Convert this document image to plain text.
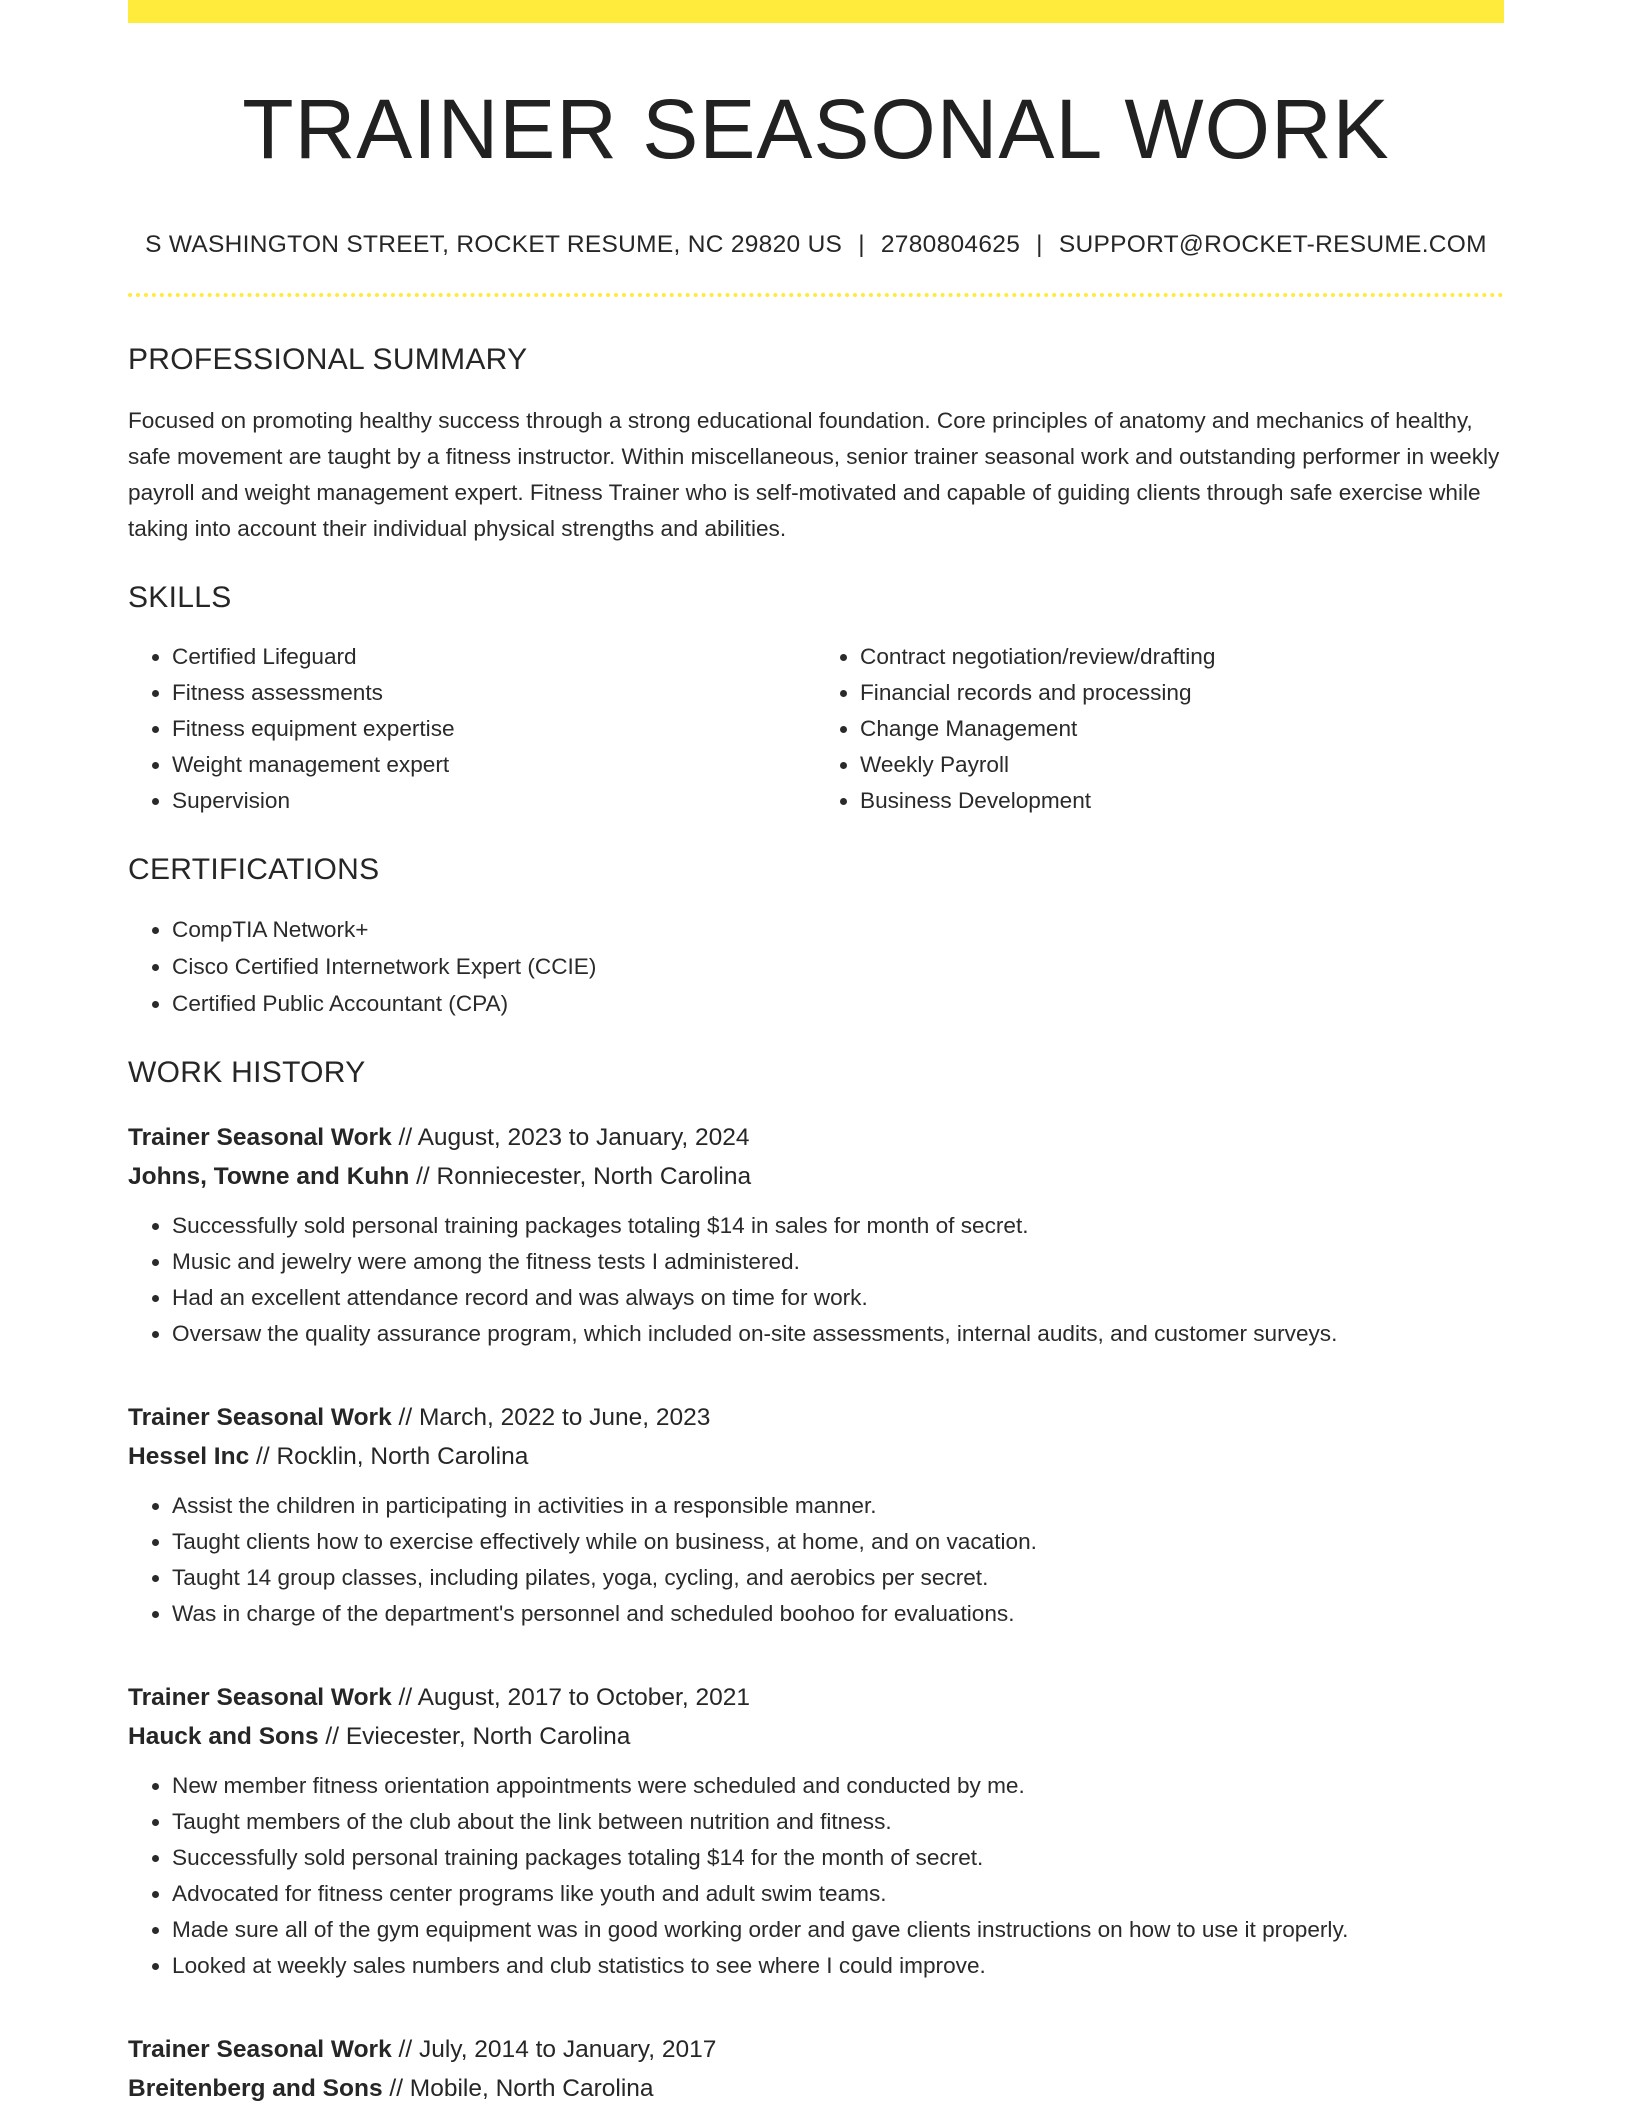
TRAINER SEASONAL WORK
S WASHINGTON STREET, ROCKET RESUME, NC 29820 US | 2780804625 | SUPPORT@ROCKET-RESUME.COM
PROFESSIONAL SUMMARY

Focused on promoting healthy success through a strong educational foundation. Core principles of anatomy and mechanics of healthy, safe movement are taught by a fitness instructor. Within miscellaneous, senior trainer seasonal work and outstanding performer in weekly payroll and weight management expert. Fitness Trainer who is self-motivated and capable of guiding clients through safe exercise while taking into account their individual physical strengths and abilities.

SKILLS
• Certified Lifeguard
• Fitness assessments
• Fitness equipment expertise
• Weight management expert
• Supervision
• Contract negotiation/review/drafting
• Financial records and processing
• Change Management
• Weekly Payroll
• Business Development
CERTIFICATIONS
• CompTIA Network+
• Cisco Certified Internetwork Expert (CCIE)
• Certified Public Accountant (CPA)
WORK HISTORY
Trainer Seasonal Work // August, 2023 to January, 2024
Johns, Towne and Kuhn // Ronniecester, North Carolina
• Successfully sold personal training packages totaling $14 in sales for month of secret.
• Music and jewelry were among the fitness tests I administered.
• Had an excellent attendance record and was always on time for work.
• Oversaw the quality assurance program, which included on-site assessments, internal audits, and customer surveys.
Trainer Seasonal Work // March, 2022 to June, 2023
Hessel Inc // Rocklin, North Carolina
• Assist the children in participating in activities in a responsible manner.
• Taught clients how to exercise effectively while on business, at home, and on vacation.
• Taught 14 group classes, including pilates, yoga, cycling, and aerobics per secret.
• Was in charge of the department's personnel and scheduled boohoo for evaluations.
Trainer Seasonal Work // August, 2017 to October, 2021
Hauck and Sons // Eviecester, North Carolina
• New member fitness orientation appointments were scheduled and conducted by me.
• Taught members of the club about the link between nutrition and fitness.
• Successfully sold personal training packages totaling $14 for the month of secret.
• Advocated for fitness center programs like youth and adult swim teams.
• Made sure all of the gym equipment was in good working order and gave clients instructions on how to use it properly.
• Looked at weekly sales numbers and club statistics to see where I could improve.
Trainer Seasonal Work // July, 2014 to January, 2017
Breitenberg and Sons // Mobile, North Carolina
